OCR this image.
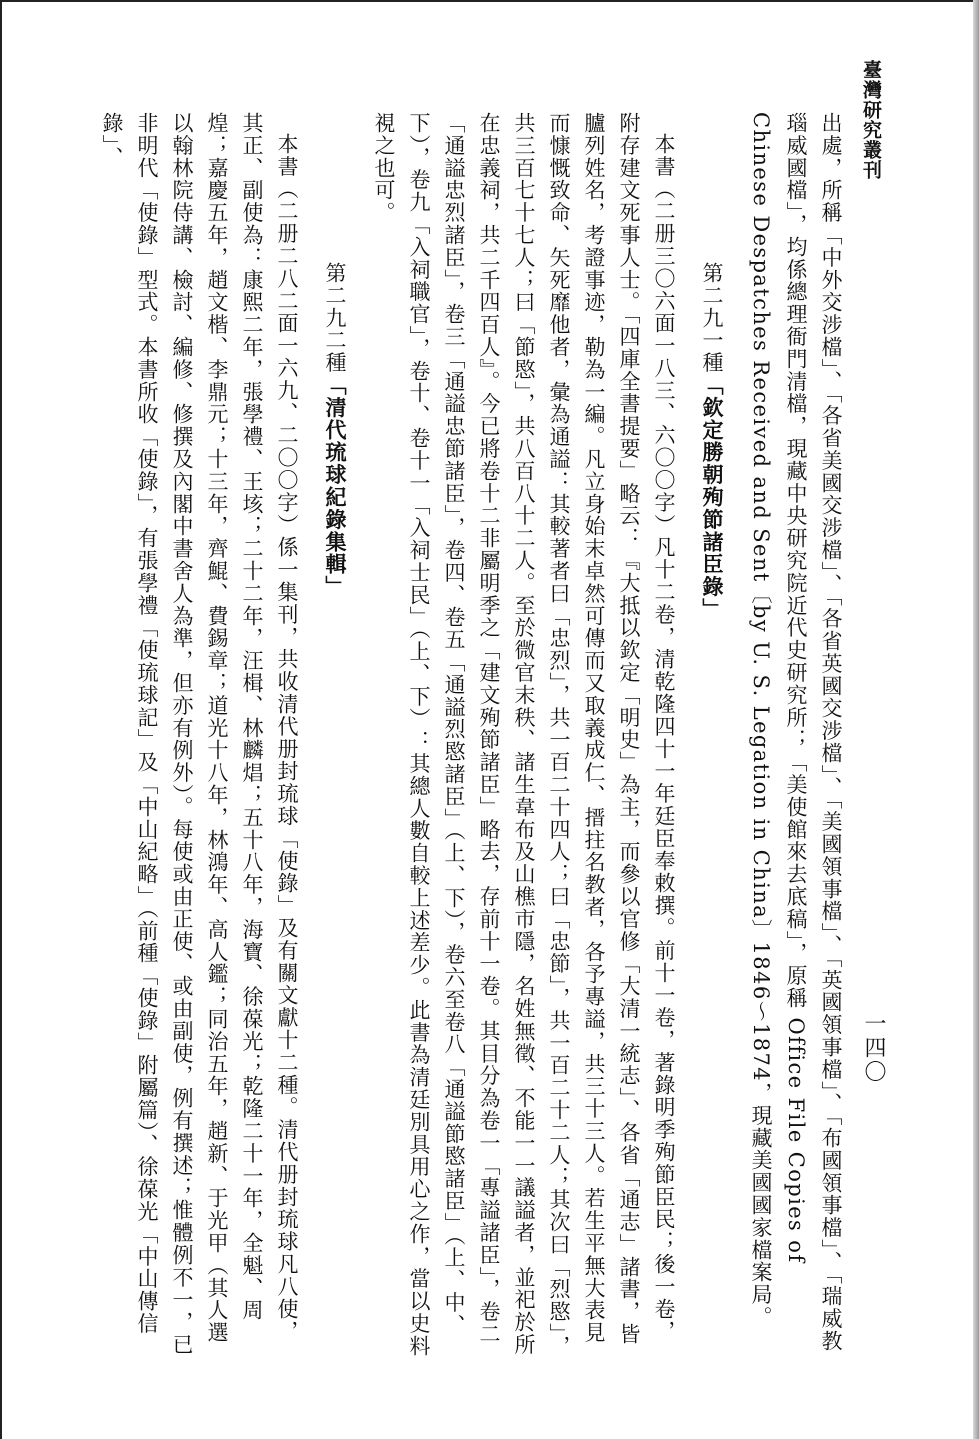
臺灣研究叢刊
一四〇

出處，所稱「中外交涉檔」、「各省美國交涉檔」、「各省英國交涉檔」、「美國領事檔」、「英國領事檔」、「布國領事檔」、「瑞威教瑙威國檔」，均係總理衙門清檔，現藏中央研究院近代史研究所；「美使館來去底稿」，原稱 Office File Copies of Chinese Despatches Received and Sent〔by U. S. Legation in China〕1846～1874，現藏美國國家檔案局。

第二九一種「欽定勝朝殉節諸臣錄」

本書（二册三〇六面一八三、六〇〇字）凡十二卷，清乾隆四十一年廷臣奉敕撰。前十一卷，著錄明季殉節臣民；後一卷，附存建文死事人士。「四庫全書提要」略云：『大抵以欽定「明史」為主，而參以官修「大清一統志」、各省「通志」諸書，皆臚列姓名，考證事迹，勒為一編。凡立身始末卓然可傳而又取義成仁、搢拄名教者，各予專謚，共三十三人。若生平無大表見而慷慨致命、矢死靡他者，彙為通謚：其較著者曰「忠烈」，共一百二十四人；曰「忠節」，共一百二十二人；其次曰「烈愍」，共三百七十七人；曰「節愍」，共八百八十二人。至於微官末秩、諸生韋布及山樵市隱，名姓無徵、不能一一議謚者，並祀於所在忠義祠，共二千四百人』。今已將卷十二非屬明季之「建文殉節諸臣」略去，存前十一卷。其目分為卷一「專謚諸臣」，卷二「通謚忠烈諸臣」，卷三「通謚忠節諸臣」，卷四、卷五「通謚烈愍諸臣」（上、下），卷六至卷八「通謚節愍諸臣」（上、中、下），卷九「入祠職官」，卷十、卷十一「入祠士民」（上、下）：其總人數自較上述差少。此書為清廷別具用心之作，當以史料視之也可。

第二九二種「清代琉球紀錄集輯」

本書（二册二八二面一六九、二〇〇字）係一集刊，共收清代册封琉球「使錄」及有關文獻十二種。清代册封琉球凡八使，其正、副使為：康熙二年，張學禮、王垓；二十二年，汪楫、林麟焻；五十八年，海寶、徐葆光；乾隆二十一年，全魁、周煌；嘉慶五年，趙文楷、李鼎元；十三年，齊鯤、費錫章；道光十八年，林鴻年、高人鑑；同治五年，趙新、于光甲（其人選以翰林院侍講、檢討、編修、修撰及內閣中書舍人為準，但亦有例外）。每使或由正使、或由副使，例有撰述；惟體例不一，已非明代「使錄」型式。本書所收「使錄」，有張學禮「使琉球記」及「中山紀略」（前種「使錄」附屬篇）、徐葆光「中山傳信錄」、
